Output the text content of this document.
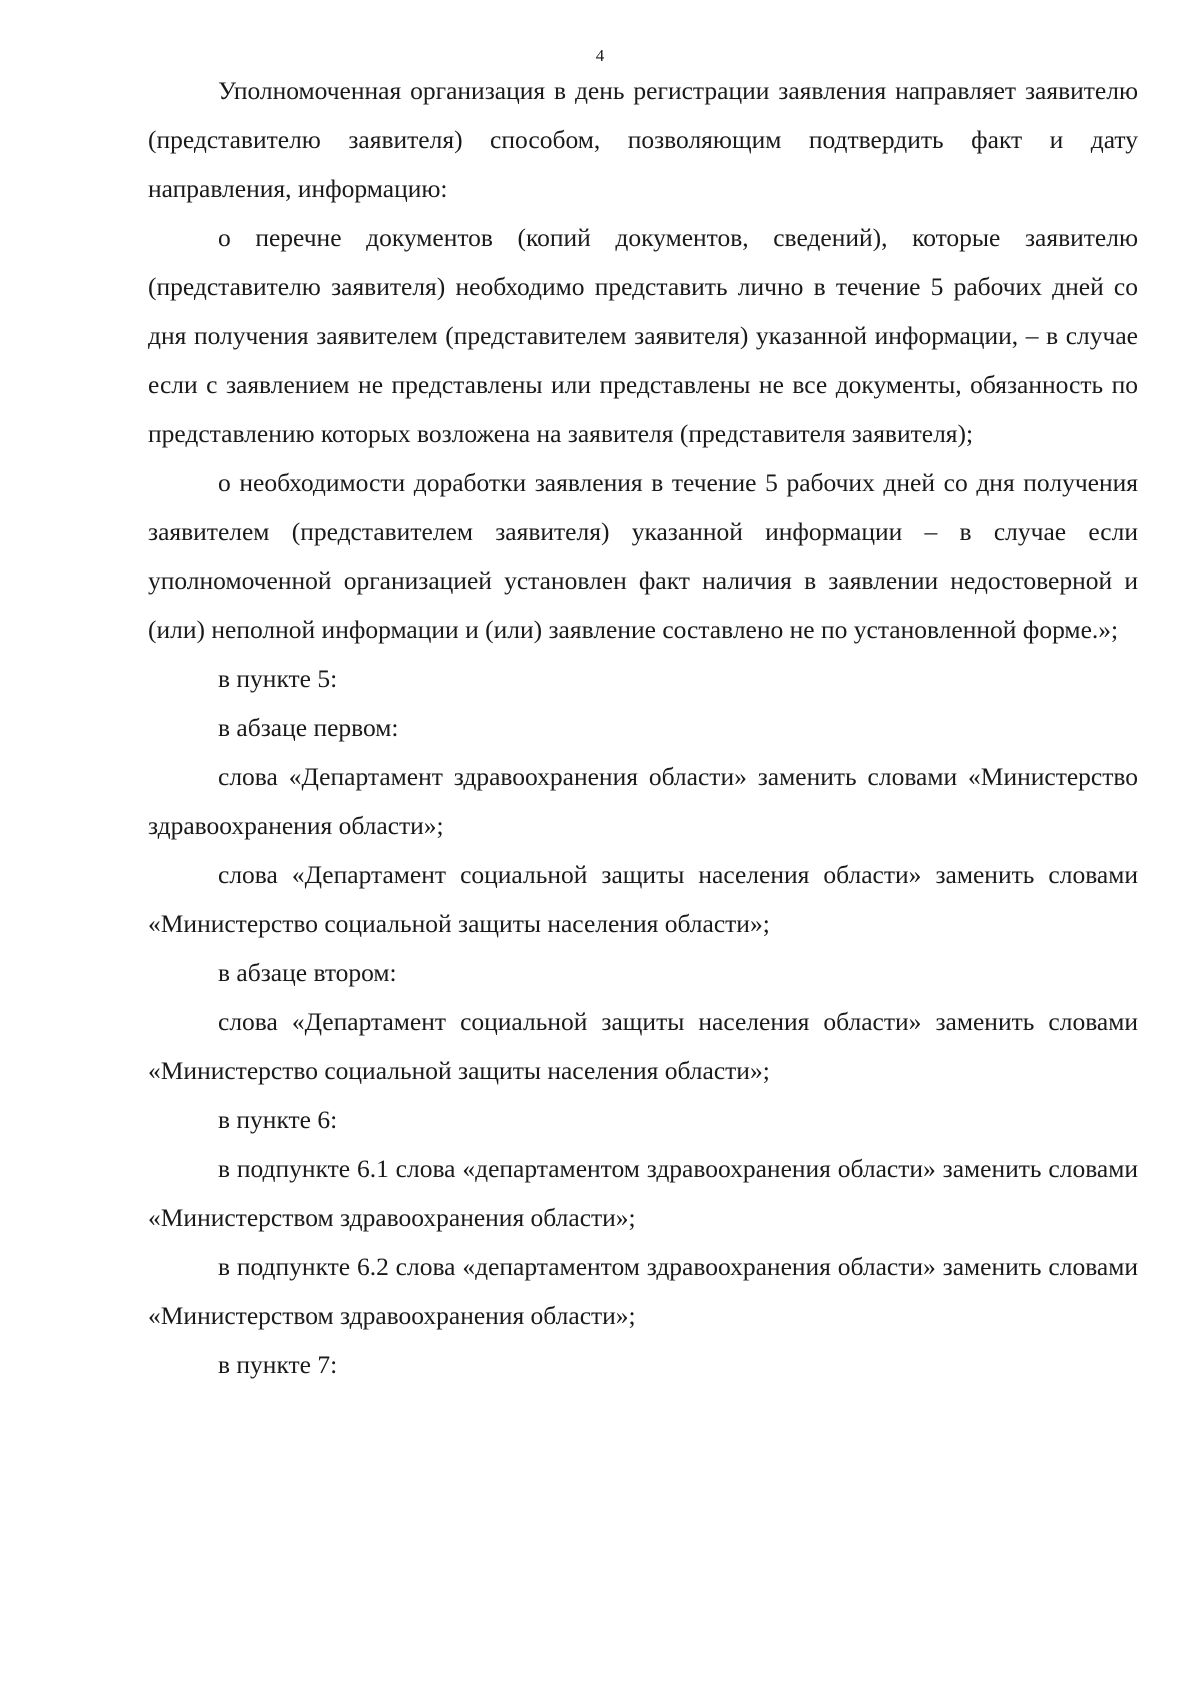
4

Уполномоченная организация в день регистрации заявления направляет заявителю (представителю заявителя) способом, позволяющим подтвердить факт и дату направления, информацию:

о перечне документов (копий документов, сведений), которые заявителю (представителю заявителя) необходимо представить лично в течение 5 рабочих дней со дня получения заявителем (представителем заявителя) указанной информации, – в случае если с заявлением не представлены или представлены не все документы, обязанность по представлению которых возложена на заявителя (представителя заявителя);

о необходимости доработки заявления в течение 5 рабочих дней со дня получения заявителем (представителем заявителя) указанной информации – в случае если уполномоченной организацией установлен факт наличия в заявлении недостоверной и (или) неполной информации и (или) заявление составлено не по установленной форме.»;

в пункте 5:

в абзаце первом:

слова «Департамент здравоохранения области» заменить словами «Министерство здравоохранения области»;

слова «Департамент социальной защиты населения области» заменить словами «Министерство социальной защиты населения области»;

в абзаце втором:

слова «Департамент социальной защиты населения области» заменить словами «Министерство социальной защиты населения области»;

в пункте 6:

в подпункте 6.1 слова «департаментом здравоохранения области» заменить словами «Министерством здравоохранения области»;

в подпункте 6.2 слова «департаментом здравоохранения области» заменить словами «Министерством здравоохранения области»;

в пункте 7:
